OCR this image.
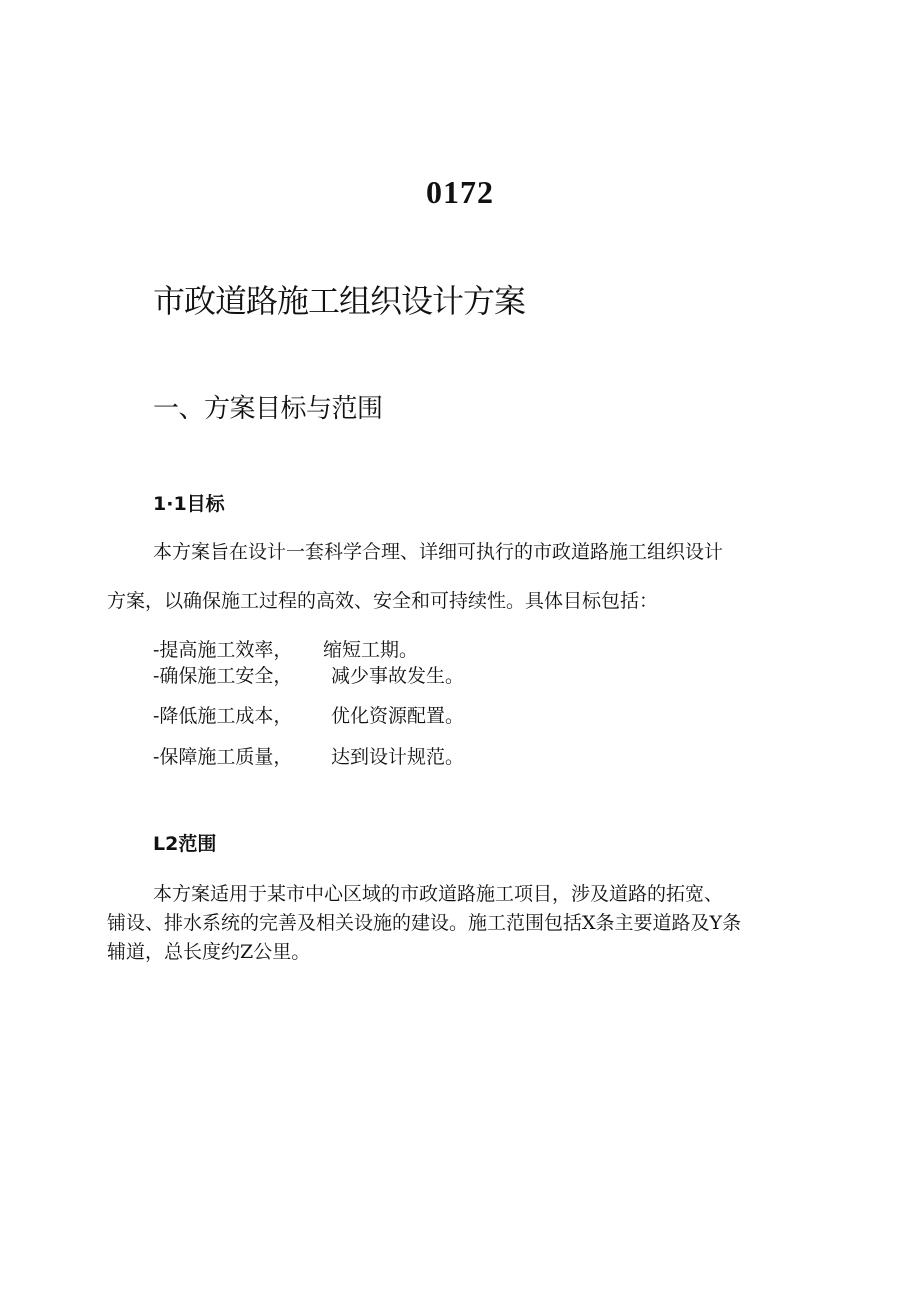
0172
市政道路施工组织设计方案
一、方案目标与范围
1·1目标
本方案旨在设计一套科学合理、详细可执行的市政道路施工组织设计
方案，以确保施工过程的高效、安全和可持续性。具体目标包括：
-提高施工效率， 缩短工期。
-确保施工安全， 减少事故发生。
-降低施工成本， 优化资源配置。
-保障施工质量， 达到设计规范。
L2范围
本方案适用于某市中心区域的市政道路施工项目，涉及道路的拓宽、
铺设、排水系统的完善及相关设施的建设。施工范围包括X条主要道路及Y条
辅道，总长度约Z公里。
